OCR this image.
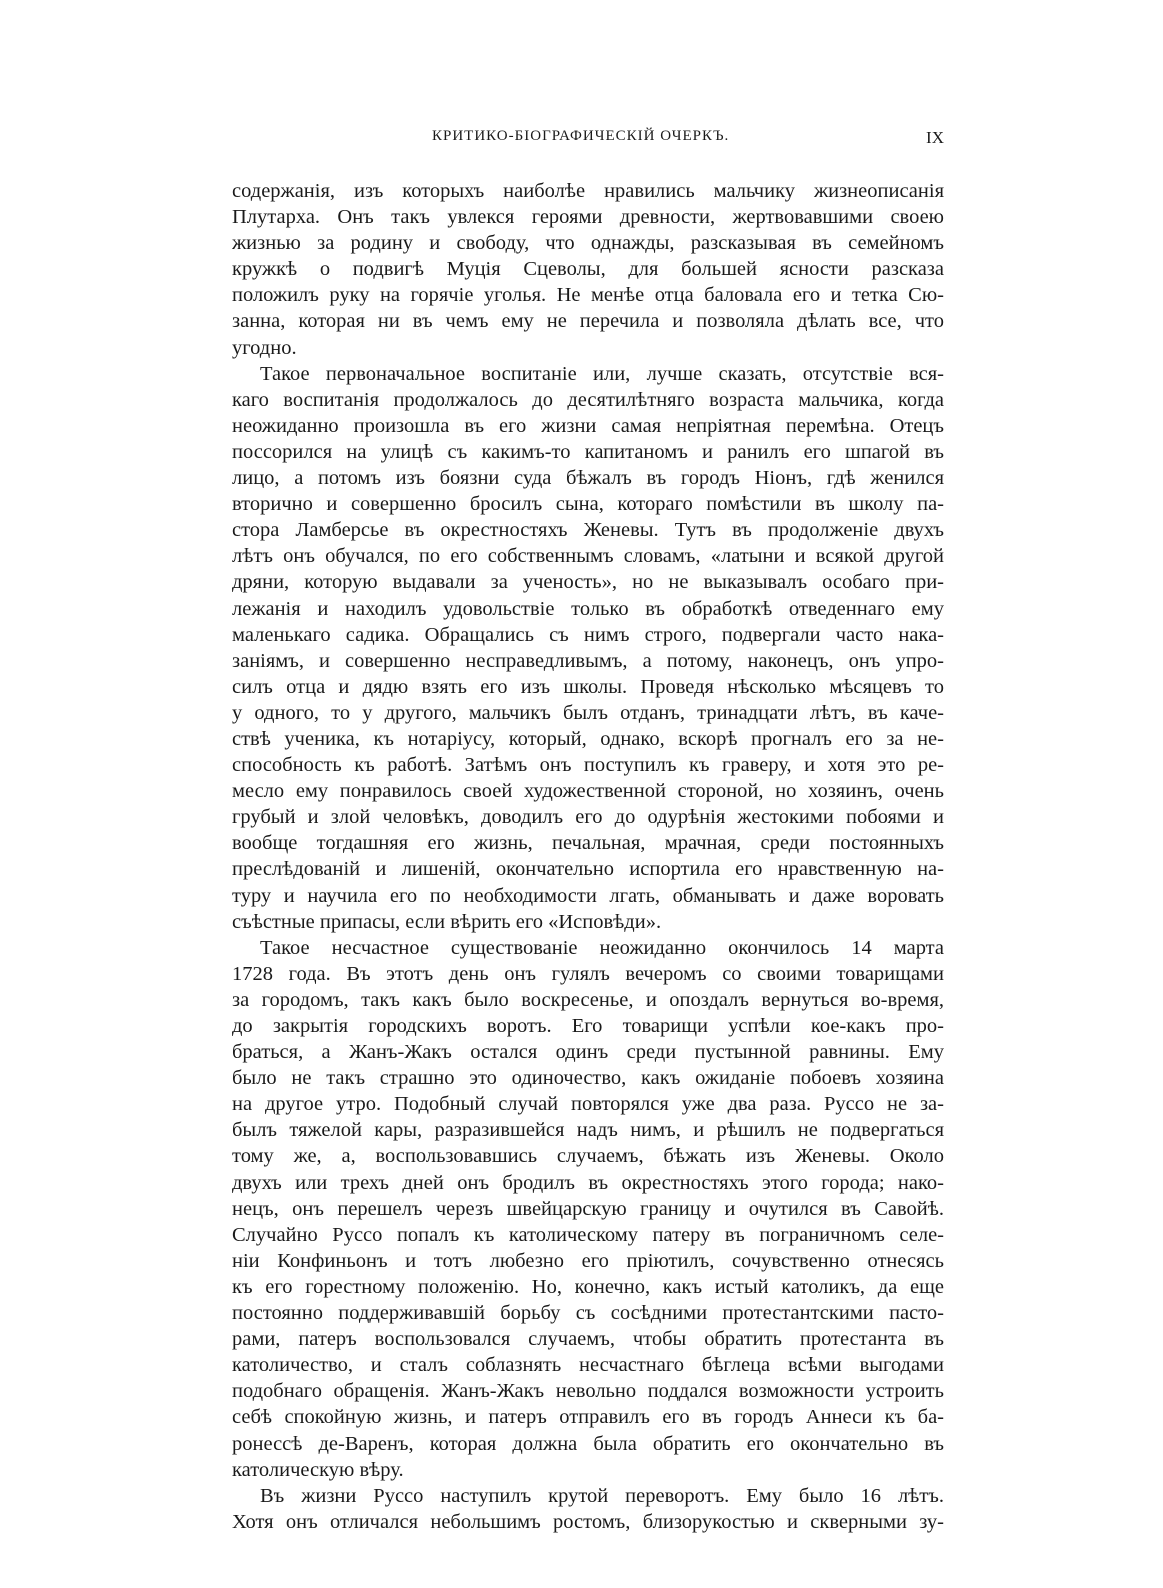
КРИТИКО-БІОГРАФИЧЕСКІЙ ОЧЕРКЪ.	IX
содержанія, изъ которыхъ наиболѣе нравились мальчику жизнеописанія
Плутарха. Онъ такъ увлекся героями древности, жертвовавшими своею
жизнью за родину и свободу, что однажды, разсказывая въ семейномъ
кружкѣ о подвигѣ Муція Сцеволы, для большей ясности разсказа
положилъ руку на горячіе уголья. Не менѣе отца баловала его и тетка Сю-
занна, которая ни въ чемъ ему не перечила и позволяла дѣлать все, что
угодно.
Такое первоначальное воспитаніе или, лучше сказать, отсутствіе вся-
каго воспитанія продолжалось до десятилѣтняго возраста мальчика, когда
неожиданно произошла въ его жизни самая непріятная перемѣна. Отецъ
поссорился на улицѣ съ какимъ-то капитаномъ и ранилъ его шпагой въ
лицо, а потомъ изъ боязни суда бѣжалъ въ городъ Ніонъ, гдѣ женился
вторично и совершенно бросилъ сына, котораго помѣстили въ школу па-
стора Ламберсье въ окрестностяхъ Женевы. Тутъ въ продолженіе двухъ
лѣтъ онъ обучался, по его собственнымъ словамъ, «латыни и всякой другой
дряни, которую выдавали за ученость», но не выказывалъ особаго при-
лежанія и находилъ удовольствіе только въ обработкѣ отведеннаго ему
маленькаго садика. Обращались съ нимъ строго, подвергали часто нака-
заніямъ, и совершенно несправедливымъ, а потому, наконецъ, онъ упро-
силъ отца и дядю взять его изъ школы. Проведя нѣсколько мѣсяцевъ то
у одного, то у другого, мальчикъ былъ отданъ, тринадцати лѣтъ, въ каче-
ствѣ ученика, къ нотаріусу, который, однако, вскорѣ прогналъ его за не-
способность къ работѣ. Затѣмъ онъ поступилъ къ граверу, и хотя это ре-
месло ему понравилось своей художественной стороной, но хозяинъ, очень
грубый и злой человѣкъ, доводилъ его до одурѣнія жестокими побоями и
вообще тогдашняя его жизнь, печальная, мрачная, среди постоянныхъ
преслѣдованій и лишеній, окончательно испортила его нравственную на-
туру и научила его по необходимости лгать, обманывать и даже воровать
съѣстные припасы, если вѣрить его «Исповѣди».
Такое несчастное существованіе неожиданно окончилось 14 марта
1728 года. Въ этотъ день онъ гулялъ вечеромъ со своими товарищами
за городомъ, такъ какъ было воскресенье, и опоздалъ вернуться во-время,
до закрытія городскихъ воротъ. Его товарищи успѣли кое-какъ про-
браться, а Жанъ-Жакъ остался одинъ среди пустынной равнины. Ему
было не такъ страшно это одиночество, какъ ожиданіе побоевъ хозяина
на другое утро. Подобный случай повторялся уже два раза. Руссо не за-
былъ тяжелой кары, разразившейся надъ нимъ, и рѣшилъ не подвергаться
тому же, а, воспользовавшись случаемъ, бѣжать изъ Женевы. Около
двухъ или трехъ дней онъ бродилъ въ окрестностяхъ этого города; нако-
нецъ, онъ перешелъ черезъ швейцарскую границу и очутился въ Савойѣ.
Случайно Руссо попалъ къ католическому патеру въ пограничномъ селе-
ніи Конфиньонъ и тотъ любезно его пріютилъ, сочувственно отнесясь
къ его горестному положенію. Но, конечно, какъ истый католикъ, да еще
постоянно поддерживавшій борьбу съ сосѣдними протестантскими пасто-
рами, патеръ воспользовался случаемъ, чтобы обратить протестанта въ
католичество, и сталъ соблазнять несчастнаго бѣглеца всѣми выгодами
подобнаго обращенія. Жанъ-Жакъ невольно поддался возможности устроить
себѣ спокойную жизнь, и патеръ отправилъ его въ городъ Аннеси къ ба-
ронессѣ де-Варенъ, которая должна была обратить его окончательно въ
католическую вѣру.
Въ жизни Руссо наступилъ крутой переворотъ. Ему было 16 лѣтъ.
Хотя онъ отличался небольшимъ ростомъ, близорукостью и скверными зу-
